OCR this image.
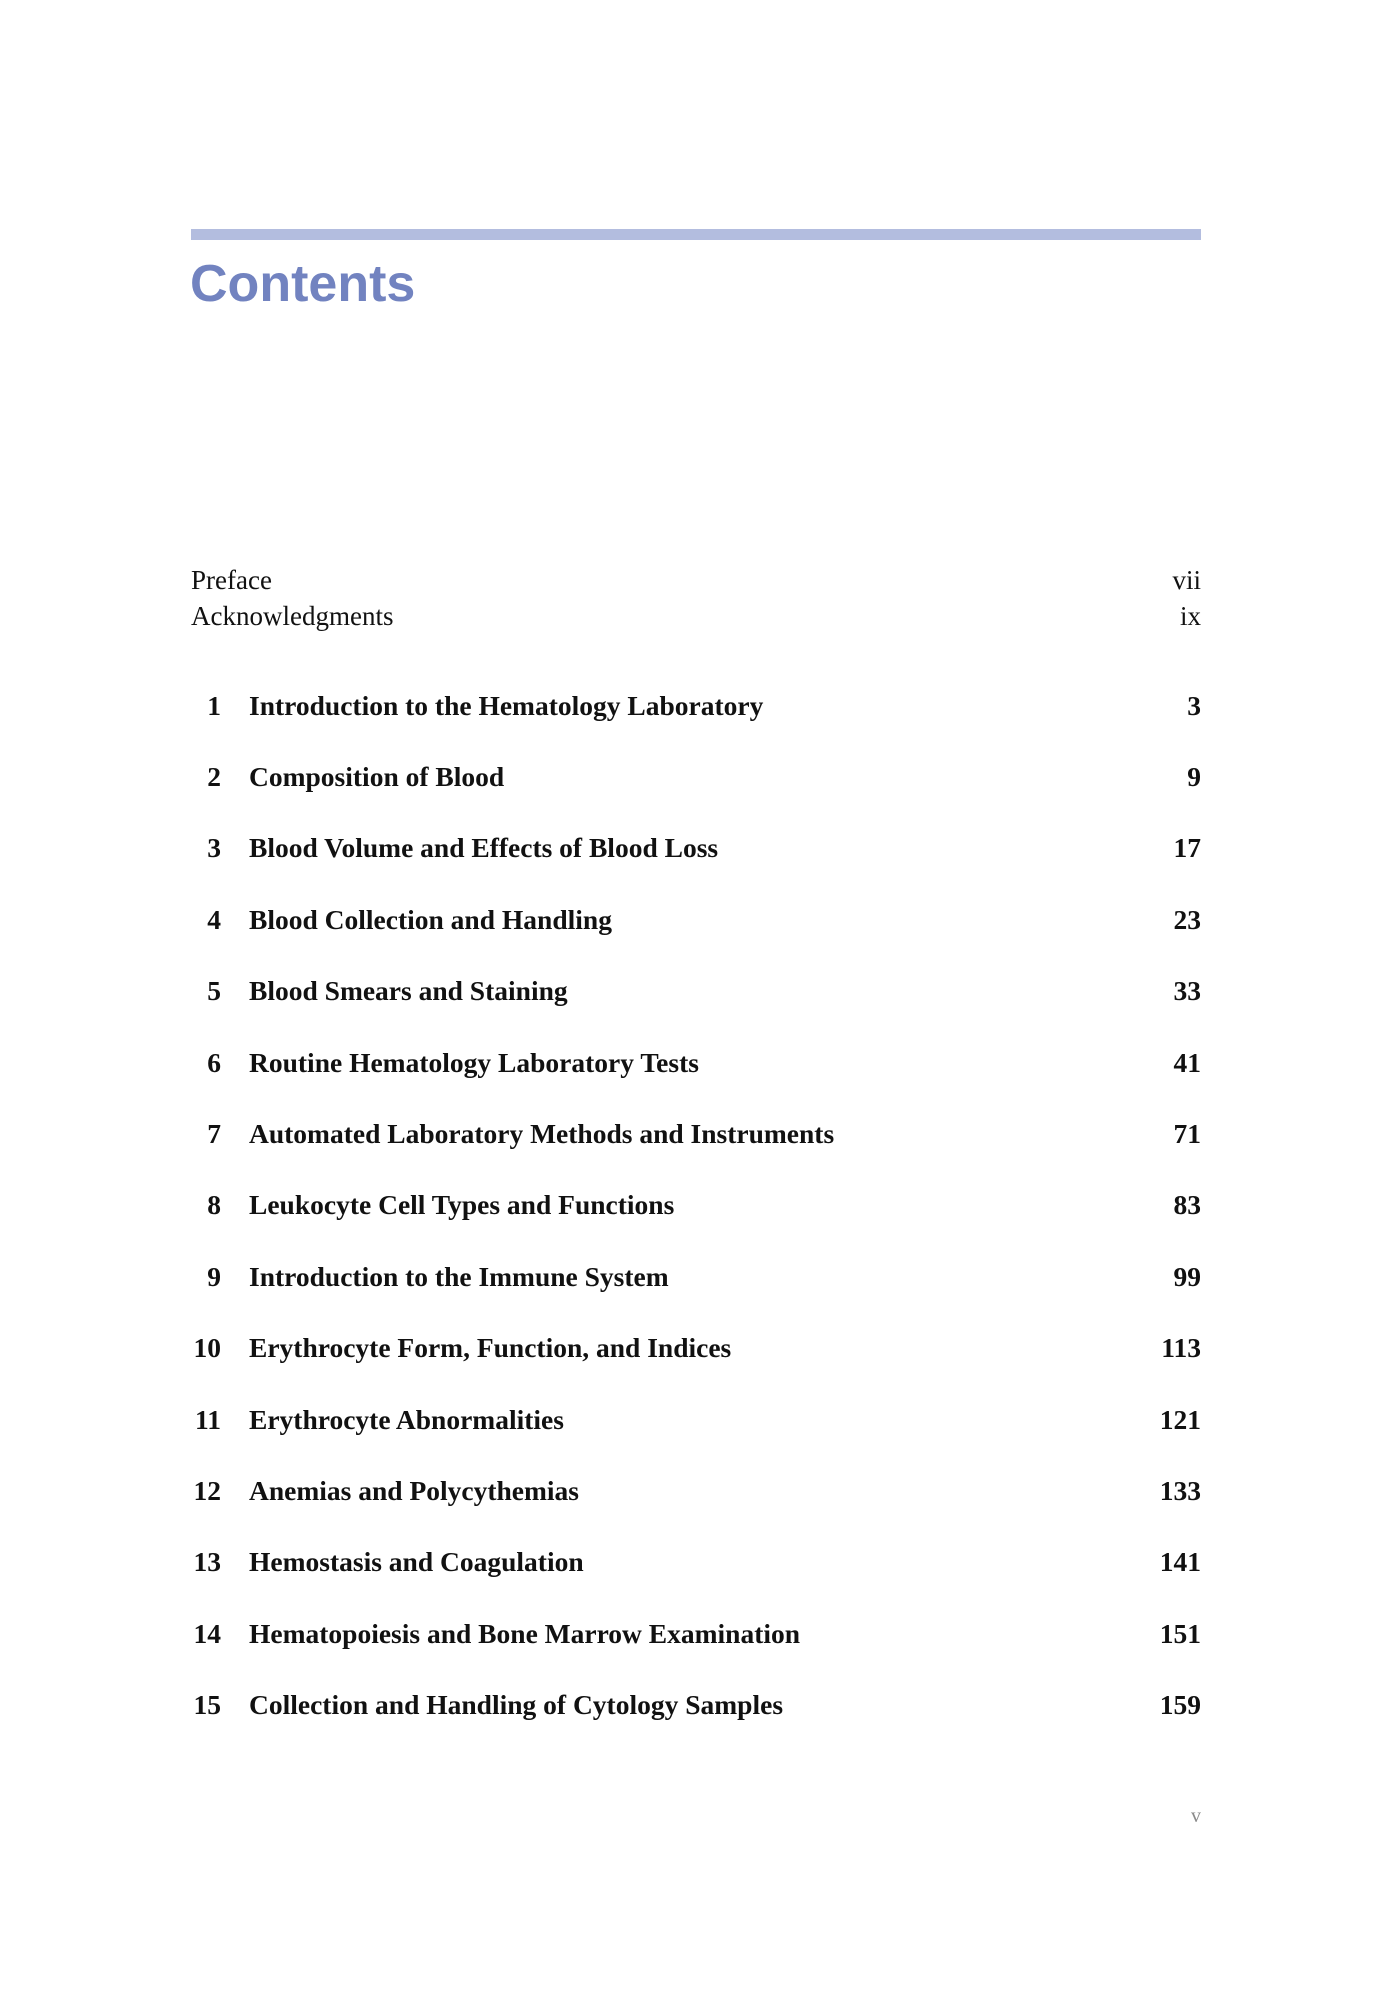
Contents
Preface	vii
Acknowledgments	ix
1	Introduction to the Hematology Laboratory	3
2	Composition of Blood	9
3	Blood Volume and Effects of Blood Loss	17
4	Blood Collection and Handling	23
5	Blood Smears and Staining	33
6	Routine Hematology Laboratory Tests	41
7	Automated Laboratory Methods and Instruments	71
8	Leukocyte Cell Types and Functions	83
9	Introduction to the Immune System	99
10	Erythrocyte Form, Function, and Indices	113
11	Erythrocyte Abnormalities	121
12	Anemias and Polycythemias	133
13	Hemostasis and Coagulation	141
14	Hematopoiesis and Bone Marrow Examination	151
15	Collection and Handling of Cytology Samples	159
v
